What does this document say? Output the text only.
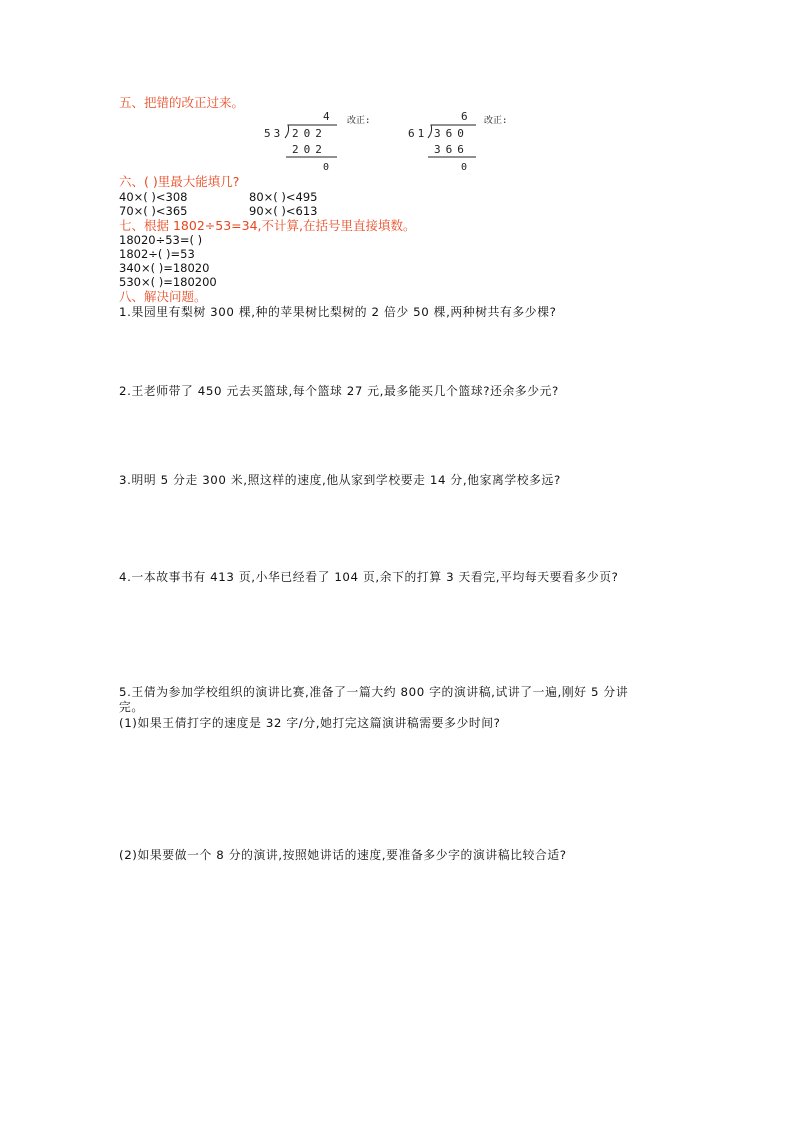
五、把错的改正过来。
4
53 202
202
0
改正:	6
61 360
366
0
改正:
六、( )里最大能填几?
40×( )<308	80×( )<495
70×( )<365	90×( )<613
七、根据 1802÷53=34,不计算,在括号里直接填数。
18020÷53=( )
1802÷( )=53
340×( )=18020
530×( )=180200
八、解决问题。
1.果园里有梨树 300 棵,种的苹果树比梨树的 2 倍少 50 棵,两种树共有多少棵?
2.王老师带了 450 元去买篮球,每个篮球 27 元,最多能买几个篮球?还余多少元?
3.明明 5 分走 300 米,照这样的速度,他从家到学校要走 14 分,他家离学校多远?
4.一本故事书有 413 页,小华已经看了 104 页,余下的打算 3 天看完,平均每天要看多少页?
5.王倩为参加学校组织的演讲比赛,准备了一篇大约 800 字的演讲稿,试讲了一遍,刚好 5 分讲
完。
(1)如果王倩打字的速度是 32 字/分,她打完这篇演讲稿需要多少时间?
(2)如果要做一个 8 分的演讲,按照她讲话的速度,要准备多少字的演讲稿比较合适?
